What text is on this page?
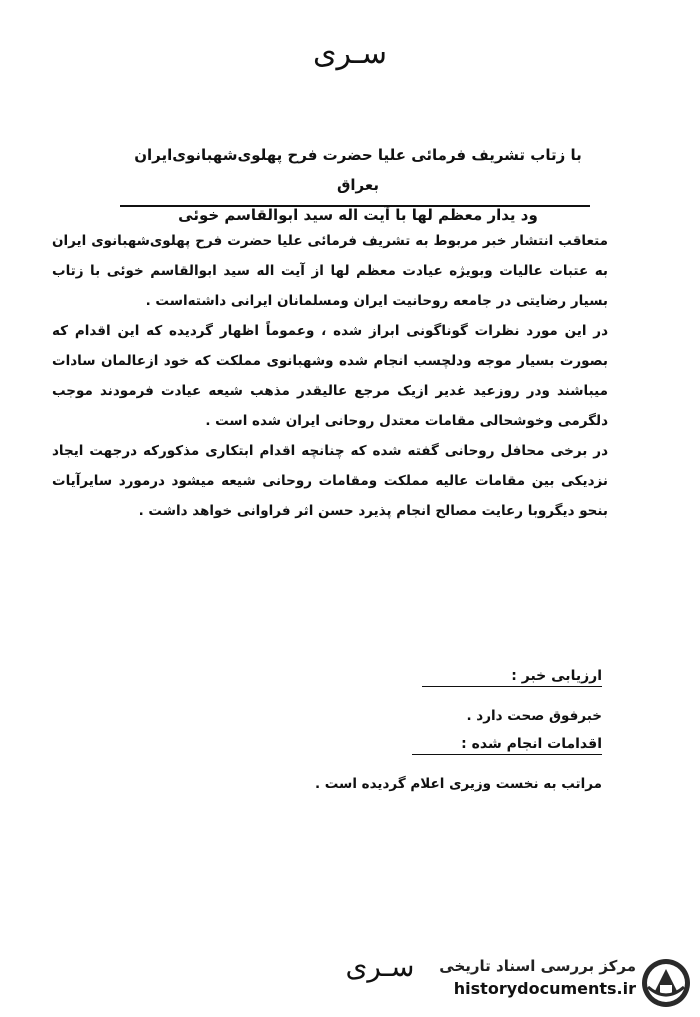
سـری
با زتاب تشریف فرمائی علیا حضرت فرح پهلوی‌شهبانوی‌ایران بعراق
ود یدار معظم لها با آیت اله سید ابوالقاسم خوئی

متعاقب انتشار خبر مربوط به تشریف فرمائی علیا حضرت فرح پهلوی‌شهبانوی ایران به عتبات عالیات وبویژه عیادت معظم لها از آیت اله سید ابوالقاسم خوئی با زتاب بسیار رضایتی در جامعه روحانیت ایران ومسلمانان ایرانی داشته‌است .

در این مورد نظرات گوناگونی ابراز شده ، وعموماً اظهار گردیده که این اقدام که بصورت بسیار موجه ودلچسب انجام شده وشهبانوی مملکت که خود ازعالمان سادات میباشند ودر روزعید غدیر ازیک مرجع عالیقدر مذهب شیعه عیادت فرمودند موجب دلگرمی وخوشحالی مقامات معتدل روحانی ایران شده است .

در برخی محافل روحانی گفته شده که چنانچه اقدام ابتکاری مذکورکه درجهت ایجاد نزدیکی بین مقامات عالیه مملکت ومقامات روحانی شیعه میشود درمورد سایرآیات بنحو دیگروبا رعایت مصالح انجام پذیرد حسن اثر فراوانی خواهد داشت .

ارزیابی خبر :
خبرفوق صحت دارد .
اقدامات انجام شده :
مراتب به نخست وزیری اعلام گردیده است .
سـری	مرکز بررسی اسناد تاریخی
historydocuments.ir
